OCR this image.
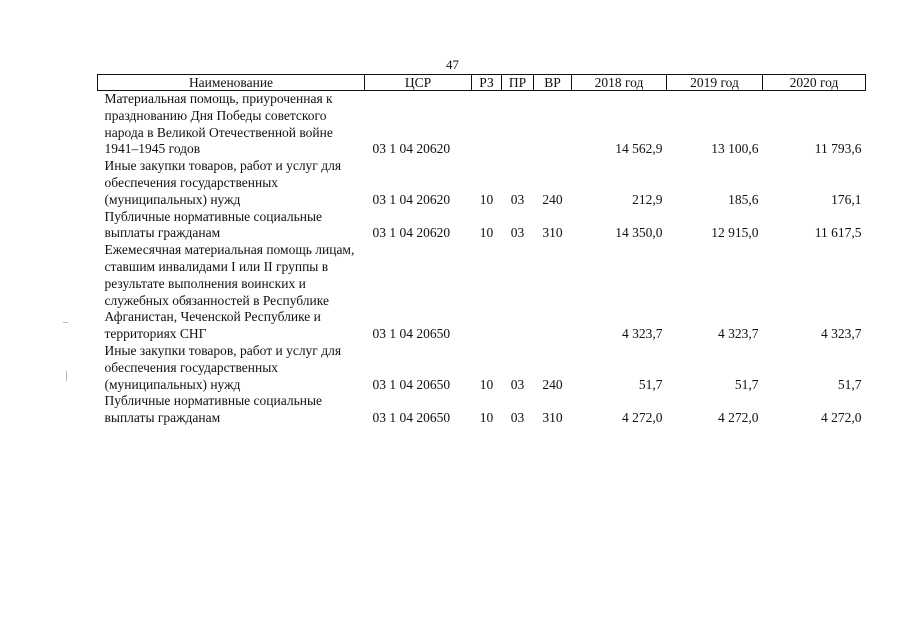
47
Наименование	ЦСР	РЗ	ПР	ВР	2018 год	2019 год	2020 год
Материальная помощь, приуроченная к празднованию Дня Победы советского народа в Великой Отечественной войне 1941–1945 годов	03 1 04 20620				14 562,9	13 100,6	11 793,6
Иные закупки товаров, работ и услуг для обеспечения государственных (муниципальных) нужд	03 1 04 20620	10	03	240	212,9	185,6	176,1
Публичные нормативные социальные выплаты гражданам	03 1 04 20620	10	03	310	14 350,0	12 915,0	11 617,5
Ежемесячная материальная помощь лицам, ставшим инвалидами I или II группы в результате выполнения воинских и служебных обязанностей в Республике Афганистан, Чеченской Республике и территориях СНГ	03 1 04 20650				4 323,7	4 323,7	4 323,7
Иные закупки товаров, работ и услуг для обеспечения государственных (муниципальных) нужд	03 1 04 20650	10	03	240	51,7	51,7	51,7
Публичные нормативные социальные выплаты гражданам	03 1 04 20650	10	03	310	4 272,0	4 272,0	4 272,0
